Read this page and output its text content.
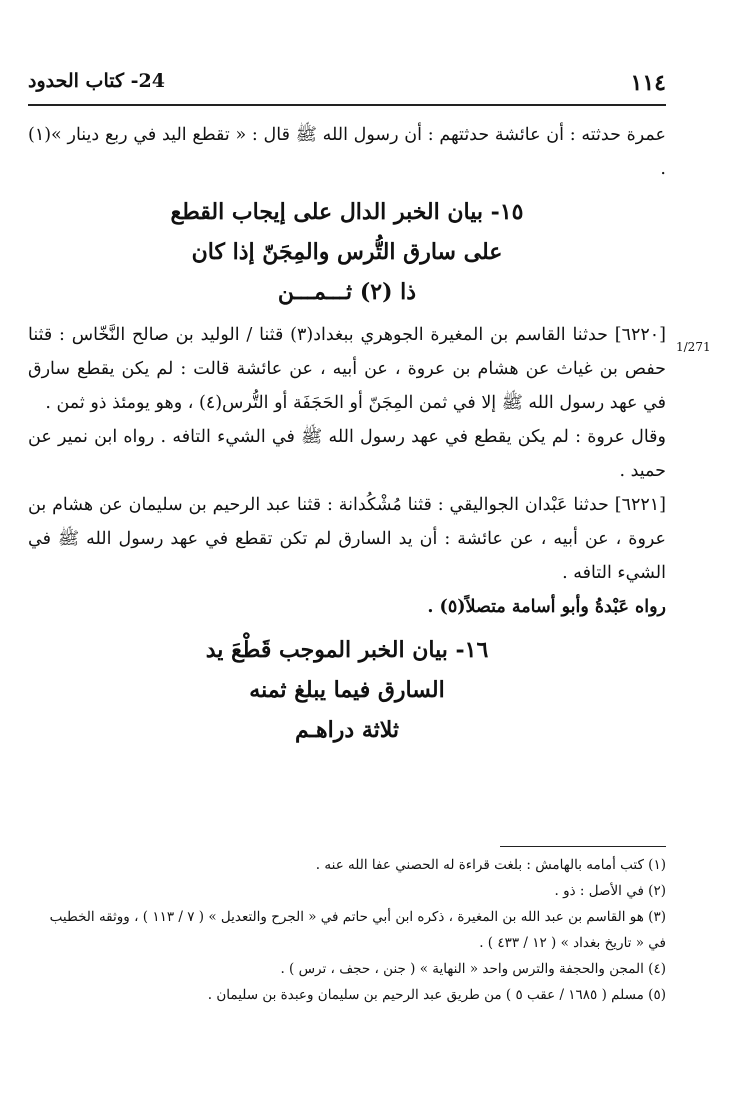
24- كتاب الحدود	١١٤
1/271

عمرة حدثته : أن عائشة حدثتهم : أن رسول الله ﷺ قال : « تقطع اليد في ربع دينار »(١) .

١٥- بيان الخبر الدال على إيجاب القطع
على سارق التُّرس والمِجَنّ إذا كان
ذا (٢) ثـــمـــن

[٦٢٢٠] حدثنا القاسم بن المغيرة الجوهري ببغداد(٣) قثنا / الوليد بن صالح النَّخّاس : قثنا حفص بن غياث عن هشام بن عروة ، عن أبيه ، عن عائشة قالت : لم يكن يقطع سارق في عهد رسول الله ﷺ إلا في ثمن المِجَنّ أو الحَجَفَة أو التُّرس(٤) ، وهو يومئذ ذو ثمن .

وقال عروة : لم يكن يقطع في عهد رسول الله ﷺ في الشيء التافه . رواه ابن نمير عن حميد .

[٦٢٢١] حدثنا عَبْدان الجواليقي : قثنا مُشْكُدانة : قثنا عبد الرحيم بن سليمان عن هشام بن عروة ، عن أبيه ، عن عائشة : أن يد السارق لم تكن تقطع في عهد رسول الله ﷺ في الشيء التافه .

رواه عَبْدةُ وأبو أسامة متصلاً(٥) .

١٦- بيان الخبر الموجب قَطْعَ يد
السارق فيما يبلغ ثمنه
ثلاثة دراهـم

(١) كتب أمامه بالهامش : بلغت قراءة له الحصني عفا الله عنه .

(٢) في الأصل : ذو .

(٣) هو القاسم بن عبد الله بن المغيرة ، ذكره ابن أبي حاتم في « الجرح والتعديل » ( ٧ / ١١٣ ) ، ووثقه الخطيب في « تاريخ بغداد » ( ١٢ / ٤٣٣ ) .

(٤) المجن والحجفة والترس واحد « النهاية » ( جنن ، حجف ، ترس ) .

(٥) مسلم ( ١٦٨٥ / عقب ٥ ) من طريق عبد الرحيم بن سليمان وعبدة بن سليمان .
